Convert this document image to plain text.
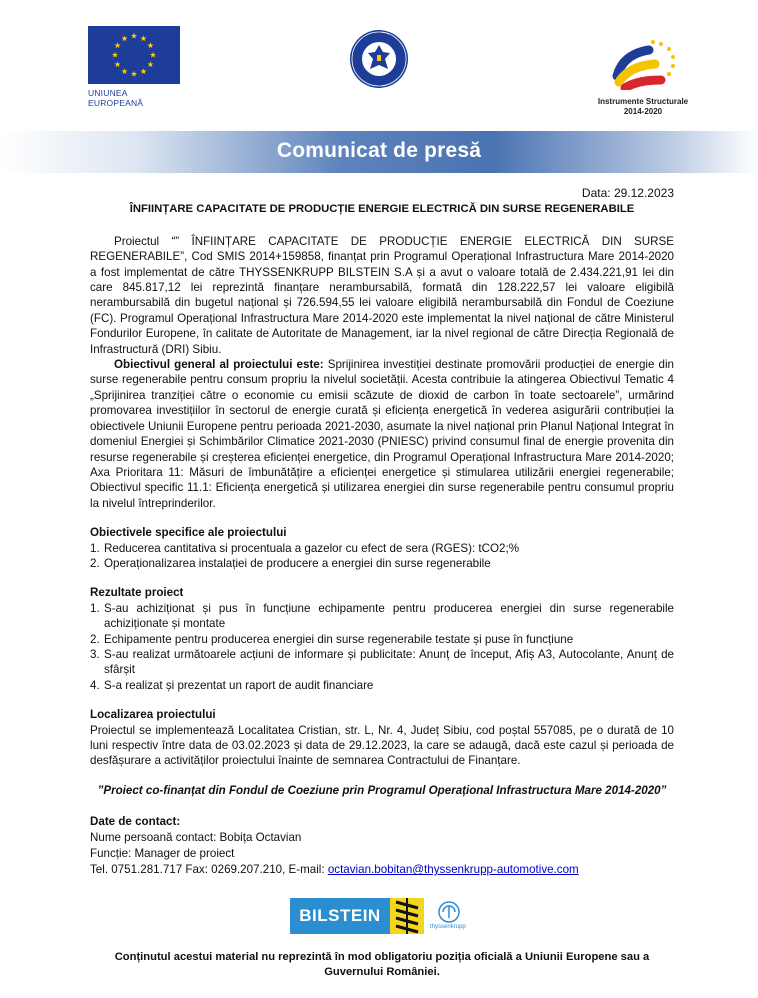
UNIUNEA EUROPEANĂ	Instrumente Structurale
2014-2020
Comunicat de presă
Data: 29.12.2023
ÎNFIINȚARE CAPACITATE DE PRODUCȚIE ENERGIE ELECTRICĂ DIN SURSE REGENERABILE

Proiectul “” ÎNFIINȚARE CAPACITATE DE PRODUCȚIE ENERGIE ELECTRICĂ DIN SURSE REGENERABILE”, Cod SMIS 2014+159858, finanțat prin Programul Operațional Infrastructura Mare 2014-2020 a fost implementat de către THYSSENKRUPP BILSTEIN S.A și a avut o valoare totală de 2.434.221,91 lei din care 845.817,12 lei reprezintă finanțare nerambursabilă, formată din 128.222,57 lei valoare eligibilă nerambursabilă din bugetul național și 726.594,55 lei valoare eligibilă nerambursabilă din Fondul de Coeziune (FC). Programul Operațional Infrastructura Mare 2014-2020 este implementat la nivel național de către Ministerul Fondurilor Europene, în calitate de Autoritate de Management, iar la nivel regional de către Direcția Regională de Infrastructură (DRI) Sibiu.

Obiectivul general al proiectului este: Sprijinirea investiției destinate promovării producției de energie din surse regenerabile pentru consum propriu la nivelul societății. Acesta contribuie la atingerea Obiectivul Tematic 4 „Sprijinirea tranziției către o economie cu emisii scăzute de dioxid de carbon în toate sectoarele”, urmărind promovarea investițiilor în sectorul de energie curată și eficiența energetică în vederea asigurării contribuției la obiectivele Uniunii Europene pentru perioada 2021-2030, asumate la nivel național prin Planul Național Integrat în domeniul Energiei și Schimbărilor Climatice 2021-2030 (PNIESC) privind consumul final de energie provenita din resurse regenerabile și creșterea eficienței energetice, din Programul Operațional Infrastructura Mare 2014-2020; Axa Prioritara 11: Măsuri de îmbunătățire a eficienței energetice și stimularea utilizării energiei regenerabile; Obiectivul specific 11.1: Eficiența energetică și utilizarea energiei din surse regenerabile pentru consumul propriu la nivelul întreprinderilor.

Obiectivele specifice ale proiectului
1. Reducerea cantitativa si procentuala a gazelor cu efect de sera (RGES): tCO2;%
2. Operaționalizarea instalației de producere a energiei din surse regenerabile
Rezultate proiect
1. S-au achiziționat și pus în funcțiune echipamente pentru producerea energiei din surse regenerabile achiziționate și montate
2. Echipamente pentru producerea energiei din surse regenerabile testate și puse în funcțiune
3. S-au realizat următoarele acțiuni de informare și publicitate: Anunț de început, Afiș A3, Autocolante, Anunț de sfârșit
4. S-a realizat și prezentat un raport de audit financiare
Localizarea proiectului

Proiectul se implementează Localitatea Cristian, str. L, Nr. 4, Județ Sibiu, cod poștal 557085, pe o durată de 10 luni respectiv între data de 03.02.2023 și data de 29.12.2023, la care se adaugă, dacă este cazul și perioada de desfășurare a activităților proiectului înainte de semnarea Contractului de Finanțare.

”Proiect co-finanțat din Fondul de Coeziune prin Programul Operațional Infrastructura Mare 2014-2020”
Date de contact:
Nume persoană contact: Bobița Octavian
Funcție: Manager de proiect
Tel. 0751.281.717 Fax: 0269.207.210, E-mail: octavian.bobitan@thyssenkrupp-automotive.com
BILSTEIN
thyssenkrupp
Conținutul acestui material nu reprezintă în mod obligatoriu poziția oficială a Uniunii Europene sau a Guvernului României.
